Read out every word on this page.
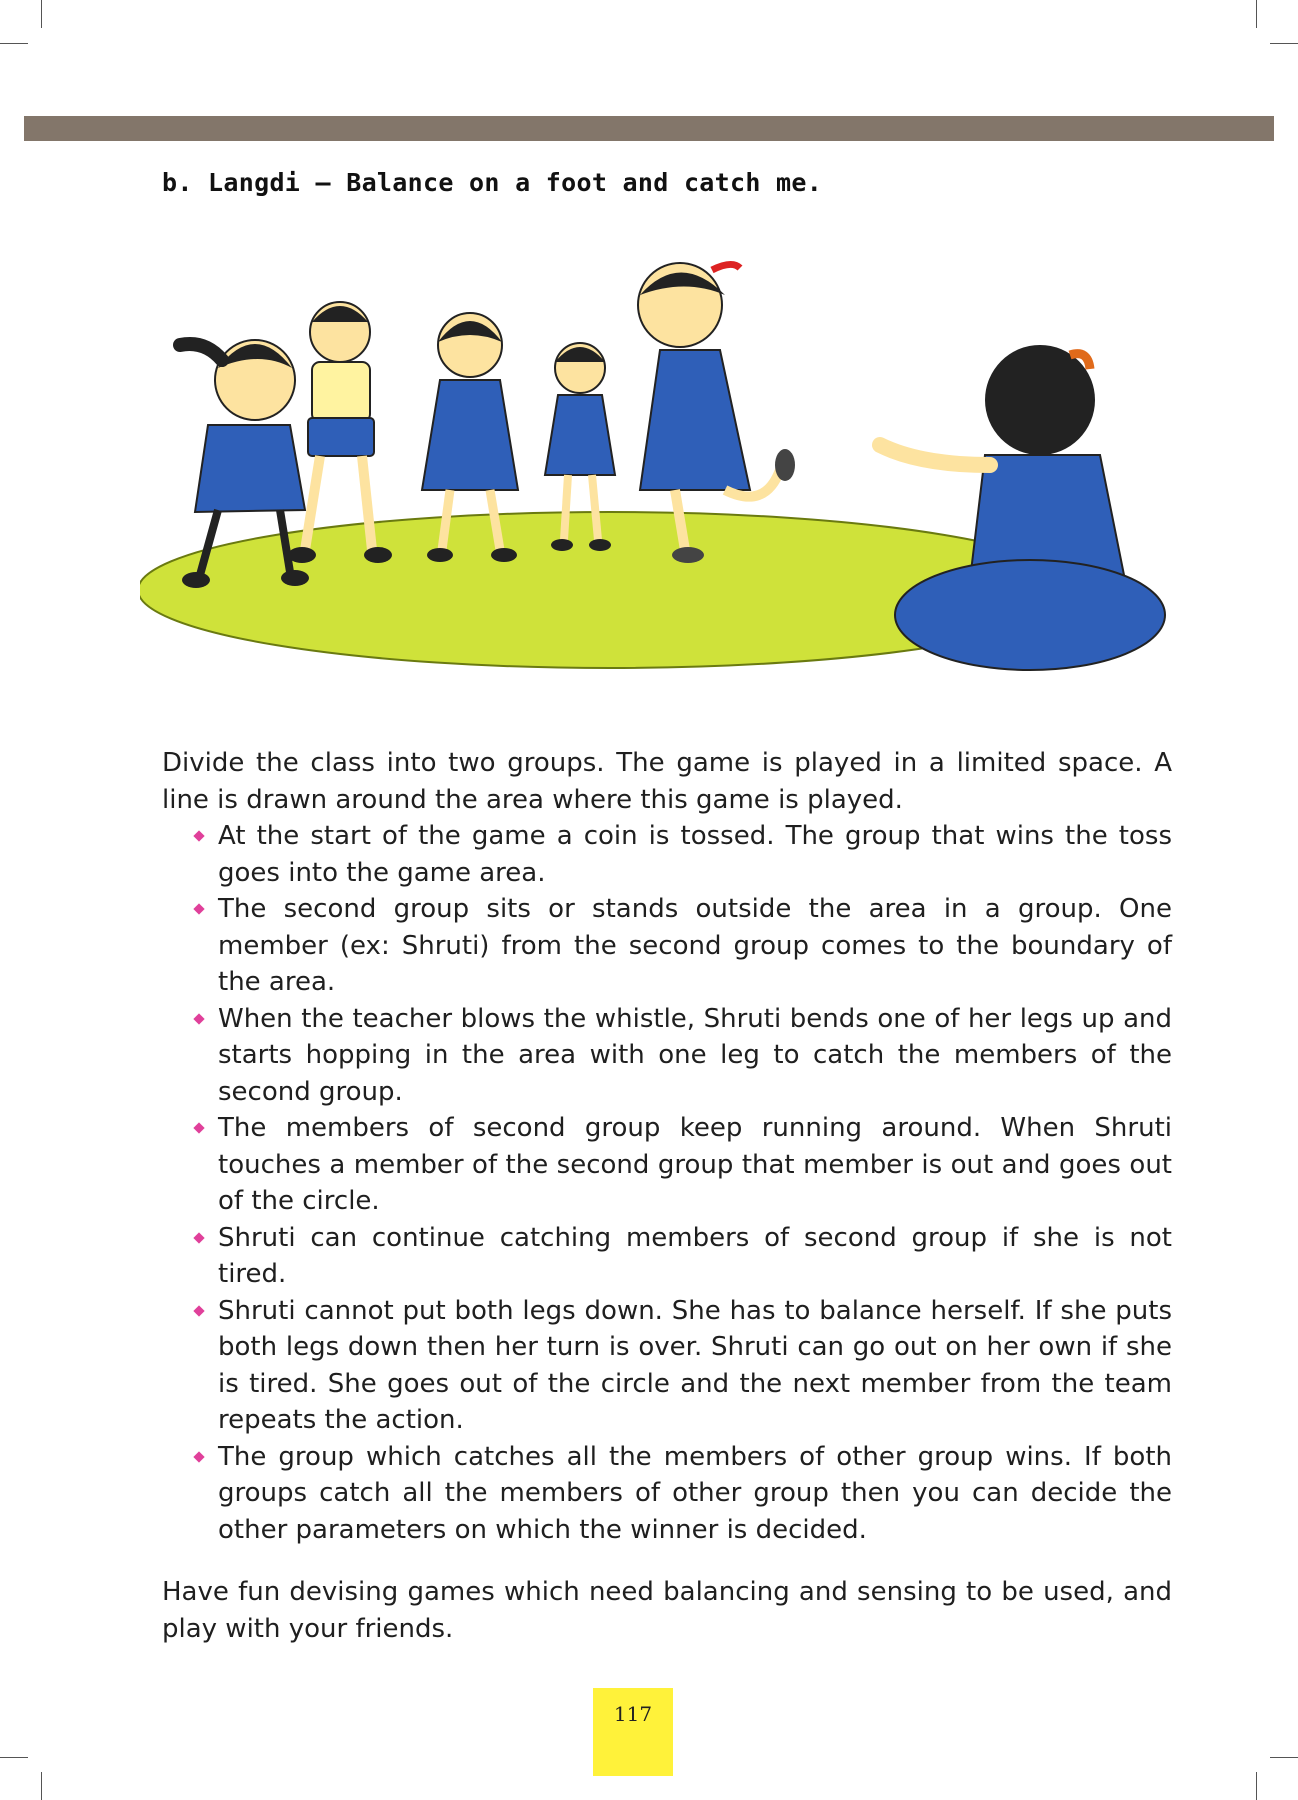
b. Langdi – Balance on a foot and catch me.

Divide the class into two groups. The game is played in a limited space. A line is drawn around the area where this game is played.

At the start of the game a coin is tossed. The group that wins the toss goes into the game area.
The second group sits or stands outside the area in a group. One member (ex: Shruti) from the second group comes to the boundary of the area.
When the teacher blows the whistle, Shruti bends one of her legs up and starts hopping in the area with one leg to catch the members of the second group.
The members of second group keep running around. When Shruti touches a member of the second group that member is out and goes out of the circle.
Shruti can continue catching members of second group if she is not tired.
Shruti cannot put both legs down. She has to balance herself. If she puts both legs down then her turn is over. Shruti can go out on her own if she is tired. She goes out of the circle and the next member from the team repeats the action.
The group which catches all the members of other group wins. If both groups catch all the members of other group then you can decide the other parameters on which the winner is decided.

Have fun devising games which need balancing and sensing to be used, and play with your friends.

117
